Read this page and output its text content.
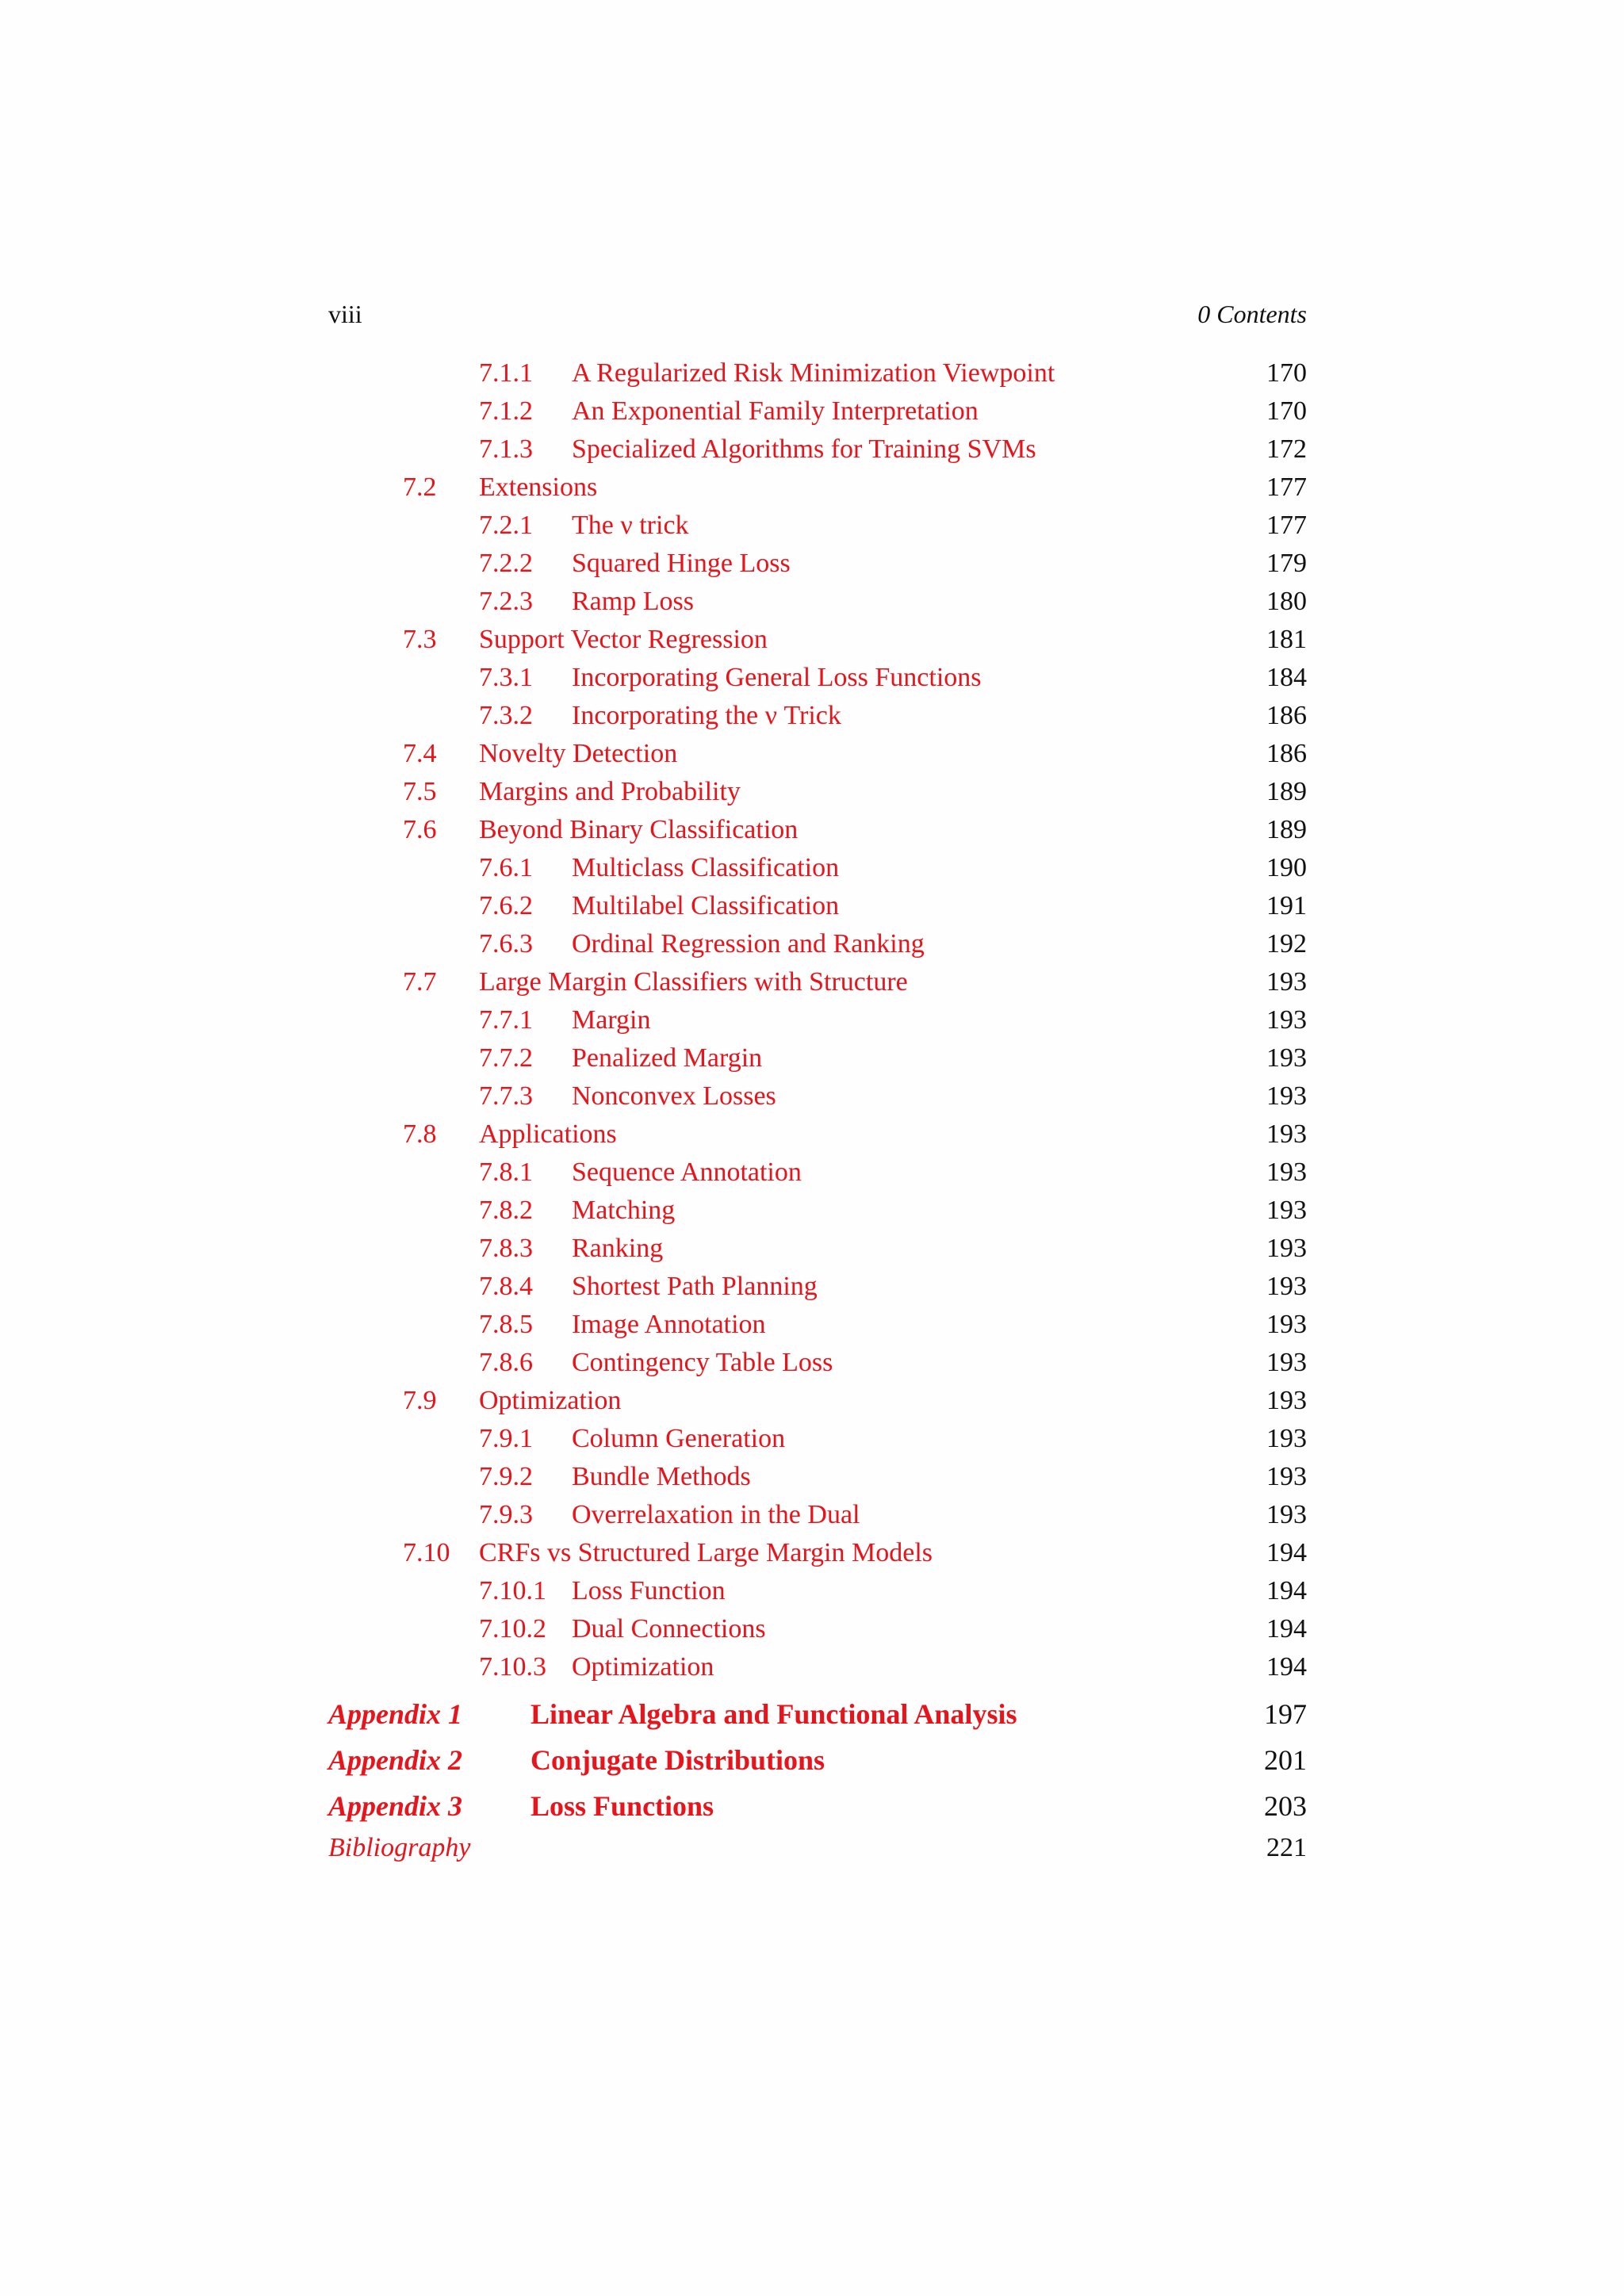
viii	0 Contents
7.1.1 A Regularized Risk Minimization Viewpoint	170
7.1.2 An Exponential Family Interpretation	170
7.1.3 Specialized Algorithms for Training SVMs	172
7.2 Extensions	177
7.2.1 The ν trick	177
7.2.2 Squared Hinge Loss	179
7.2.3 Ramp Loss	180
7.3 Support Vector Regression	181
7.3.1 Incorporating General Loss Functions	184
7.3.2 Incorporating the ν Trick	186
7.4 Novelty Detection	186
7.5 Margins and Probability	189
7.6 Beyond Binary Classification	189
7.6.1 Multiclass Classification	190
7.6.2 Multilabel Classification	191
7.6.3 Ordinal Regression and Ranking	192
7.7 Large Margin Classifiers with Structure	193
7.7.1 Margin	193
7.7.2 Penalized Margin	193
7.7.3 Nonconvex Losses	193
7.8 Applications	193
7.8.1 Sequence Annotation	193
7.8.2 Matching	193
7.8.3 Ranking	193
7.8.4 Shortest Path Planning	193
7.8.5 Image Annotation	193
7.8.6 Contingency Table Loss	193
7.9 Optimization	193
7.9.1 Column Generation	193
7.9.2 Bundle Methods	193
7.9.3 Overrelaxation in the Dual	193
7.10 CRFs vs Structured Large Margin Models	194
7.10.1 Loss Function	194
7.10.2 Dual Connections	194
7.10.3 Optimization	194
Appendix 1 Linear Algebra and Functional Analysis	197
Appendix 2 Conjugate Distributions	201
Appendix 3 Loss Functions	203
Bibliography	221
